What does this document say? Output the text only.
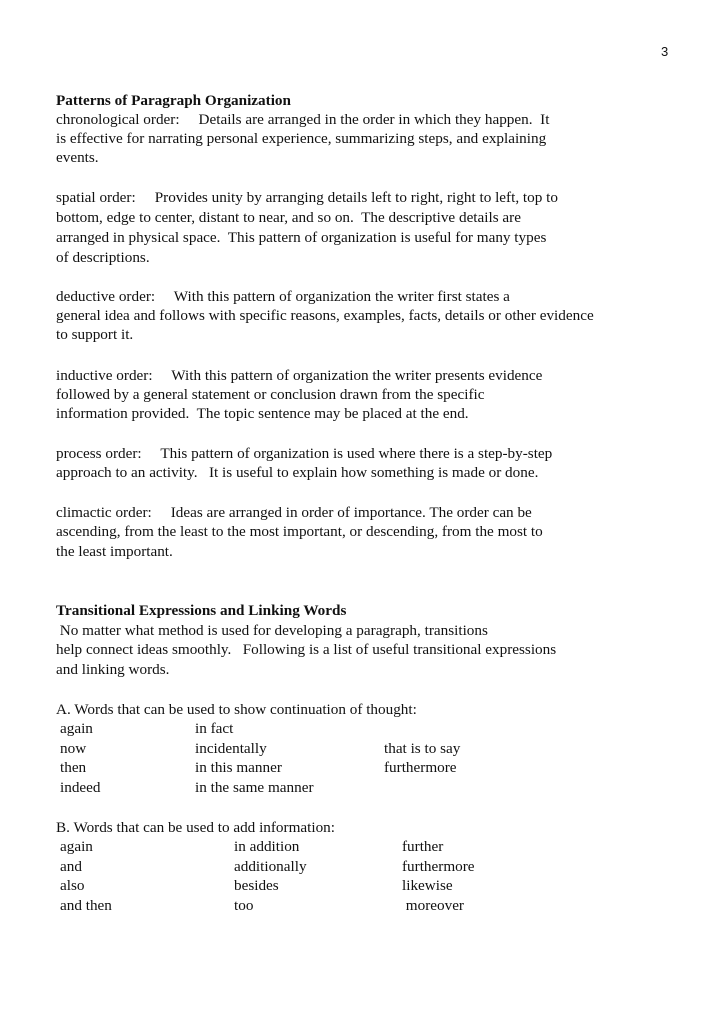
3
Patterns of Paragraph Organization
chronological order:     Details are arranged in the order in which they happen.  It
is effective for narrating personal experience, summarizing steps, and explaining
events.
spatial order:     Provides unity by arranging details left to right, right to left, top to
bottom, edge to center, distant to near, and so on.  The descriptive details are
arranged in physical space.  This pattern of organization is useful for many types
of descriptions.
deductive order:     With this pattern of organization the writer first states a
general idea and follows with specific reasons, examples, facts, details or other evidence
to support it.
inductive order:     With this pattern of organization the writer presents evidence
followed by a general statement or conclusion drawn from the specific
information provided.  The topic sentence may be placed at the end.
process order:     This pattern of organization is used where there is a step-by-step
approach to an activity.   It is useful to explain how something is made or done.
climactic order:     Ideas are arranged in order of importance. The order can be
ascending, from the least to the most important, or descending, from the most to
the least important.
Transitional Expressions and Linking Words
No matter what method is used for developing a paragraph, transitions
help connect ideas smoothly.   Following is a list of useful transitional expressions
and linking words.
A. Words that can be used to show continuation of thought:
again
now
then
indeed
in fact
incidentally
in this manner
in the same manner
that is to say
furthermore
B. Words that can be used to add information:
again
and
also
and then
in addition
additionally
besides
too
further
furthermore
likewise
moreover
